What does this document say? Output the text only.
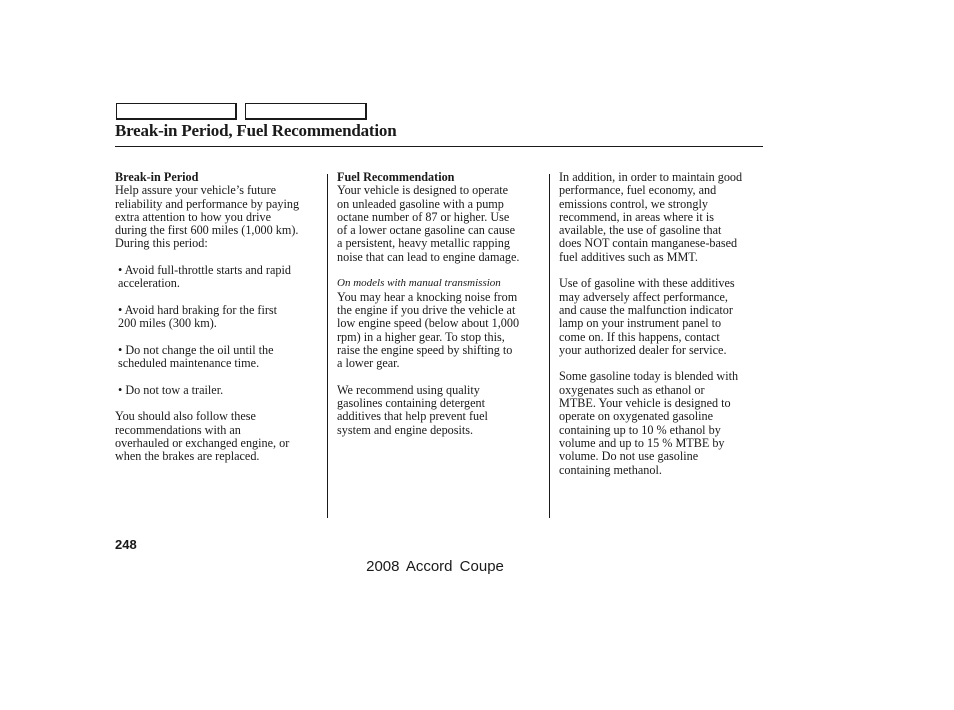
Break-in Period, Fuel Recommendation
Break-in Period
Help assure your vehicle’s future
reliability and performance by paying
extra attention to how you drive
during the first 600 miles (1,000 km).
During this period:
• Avoid full-throttle starts and rapid
acceleration.
• Avoid hard braking for the first
200 miles (300 km).
• Do not change the oil until the
scheduled maintenance time.
• Do not tow a trailer.
You should also follow these
recommendations with an
overhauled or exchanged engine, or
when the brakes are replaced.
Fuel Recommendation
Your vehicle is designed to operate
on unleaded gasoline with a pump
octane number of 87 or higher. Use
of a lower octane gasoline can cause
a persistent, heavy metallic rapping
noise that can lead to engine damage.
On models with manual transmission
You may hear a knocking noise from
the engine if you drive the vehicle at
low engine speed (below about 1,000
rpm) in a higher gear. To stop this,
raise the engine speed by shifting to
a lower gear.
We recommend using quality
gasolines containing detergent
additives that help prevent fuel
system and engine deposits.
In addition, in order to maintain good
performance, fuel economy, and
emissions control, we strongly
recommend, in areas where it is
available, the use of gasoline that
does NOT contain manganese-based
fuel additives such as MMT.
Use of gasoline with these additives
may adversely affect performance,
and cause the malfunction indicator
lamp on your instrument panel to
come on. If this happens, contact
your authorized dealer for service.
Some gasoline today is blended with
oxygenates such as ethanol or
MTBE. Your vehicle is designed to
operate on oxygenated gasoline
containing up to 10 % ethanol by
volume and up to 15 % MTBE by
volume. Do not use gasoline
containing methanol.
248
2008 Accord Coupe
